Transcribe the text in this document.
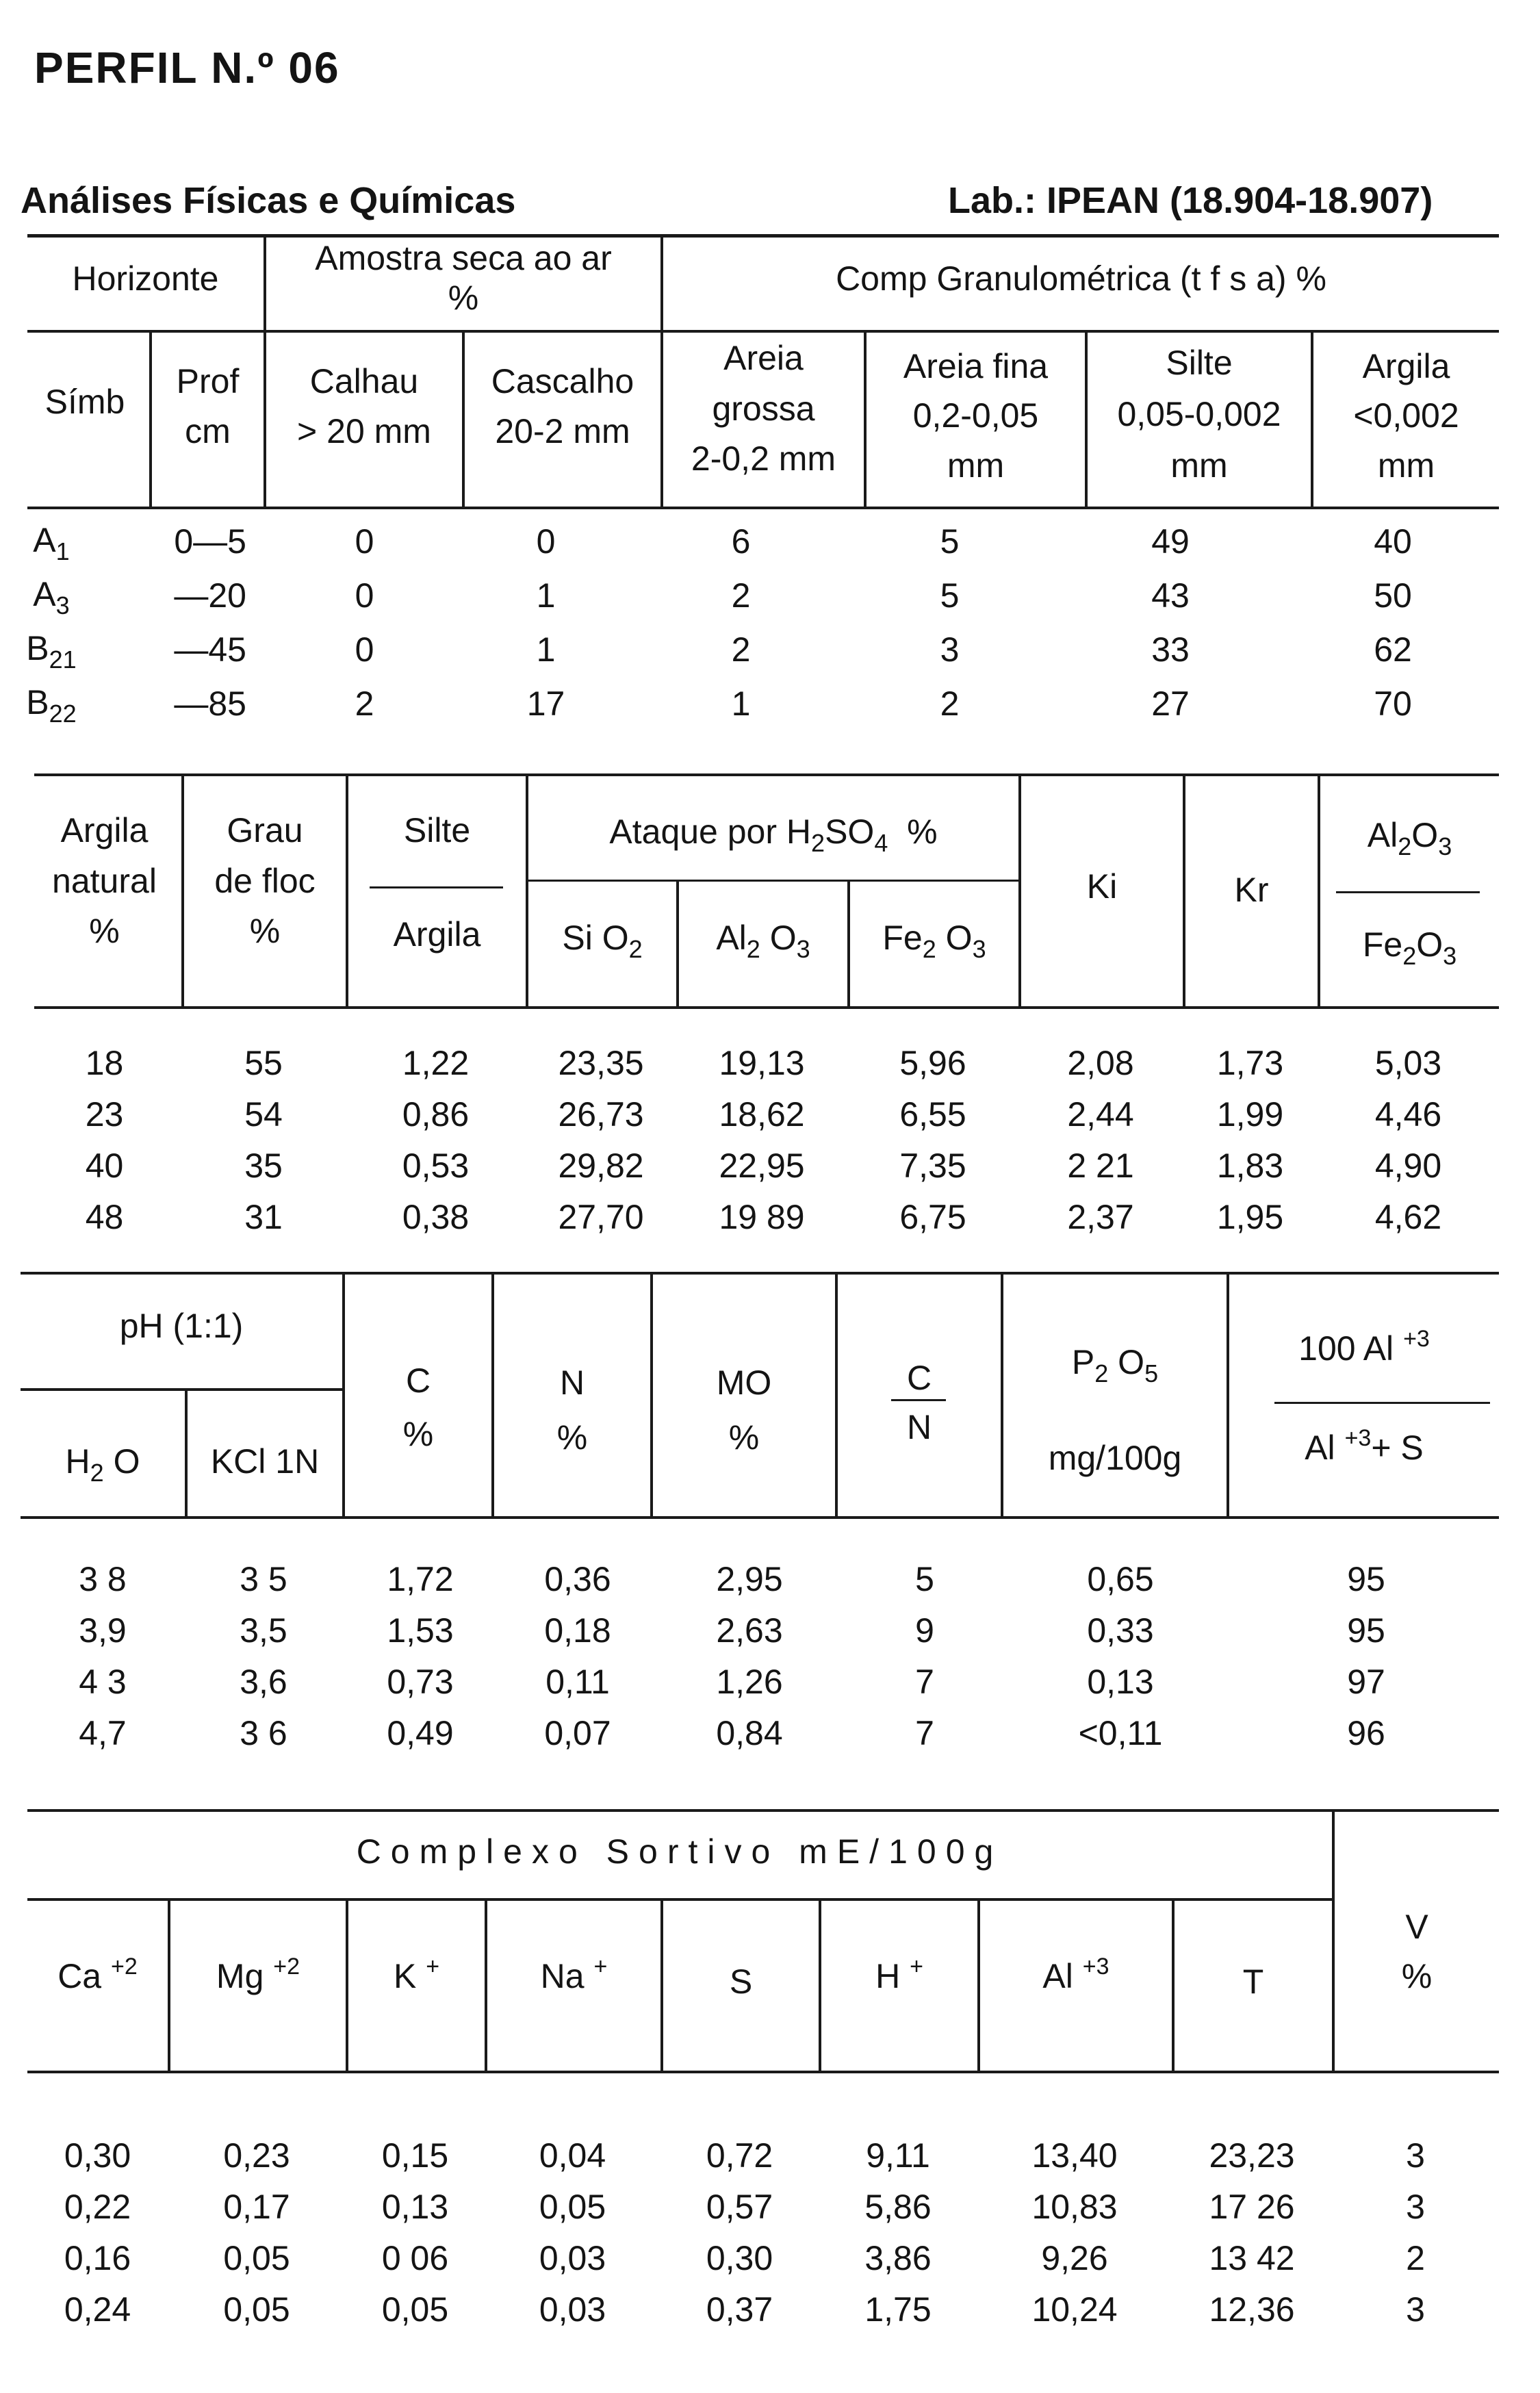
PERFIL N.º 06
Análises Físicas e Químicas	Lab.: IPEAN (18.904-18.907)
Horizonte
Amostra seca ao ar
%	Comp Granulométrica (t f s a) %
Símb
Prof
cm
Calhau
> 20 mm
Cascalho
20-2 mm
Areia
grossa
2-0,2 mm
Areia fina
0,2-0,05
mm
Silte
0,05-0,002
mm
Argila
<0,002
mm
$A_1$	0—5	0	0	6	5	49	40
$A_3$	—20	0	1	2	5	43	50
$B_{21}$	—45	0	1	2	3	33	62
$B_{22}$	—85	2	17	1	2	27	70
Argila
natural
%
Grau
de floc
%
Silte
Argila
Ataque por $H_2SO_4$ %
Si $O_2$	$Al_2$ $O_3$	$Fe_2$ $O_3$
Ki	Kr
$Al_2O_3$
$Fe_2O_3$
18	55	1,22	23,35	19,13	5,96	2,08	1,73	5,03
23	54	0,86	26,73	18,62	6,55	2,44	1,99	4,46
40	35	0,53	29,82	22,95	7,35	2 21	1,83	4,90
48	31	0,38	27,70	19 89	6,75	2,37	1,95	4,62
pH (1:1)
$H_2$ O	KCl 1N
C
%
N
%
MO
%
C
N
$P_2$ $O_5$
mg/100g
100 Al $^{+3}$
Al $^{+3}$+ S
3 8	3 5	1,72	0,36	2,95	5	0,65	95
3,9	3,5	1,53	0,18	2,63	9	0,33	95
4 3	3,6	0,73	0,11	1,26	7	0,13	97
4,7	3 6	0,49	0,07	0,84	7	<0,11	96
Complexo Sortivo mE/100g
Ca $^{+2}$	Mg $^{+2}$	K +	Na +	S	H +	Al $^{+3}$	T
V
%
0,30	0,23	0,15	0,04	0,72	9,11	13,40	23,23	3
0,22	0,17	0,13	0,05	0,57	5,86	10,83	17 26	3
0,16	0,05	0 06	0,03	0,30	3,86	9,26	13 42	2
0,24	0,05	0,05	0,03	0,37	1,75	10,24	12,36	3
